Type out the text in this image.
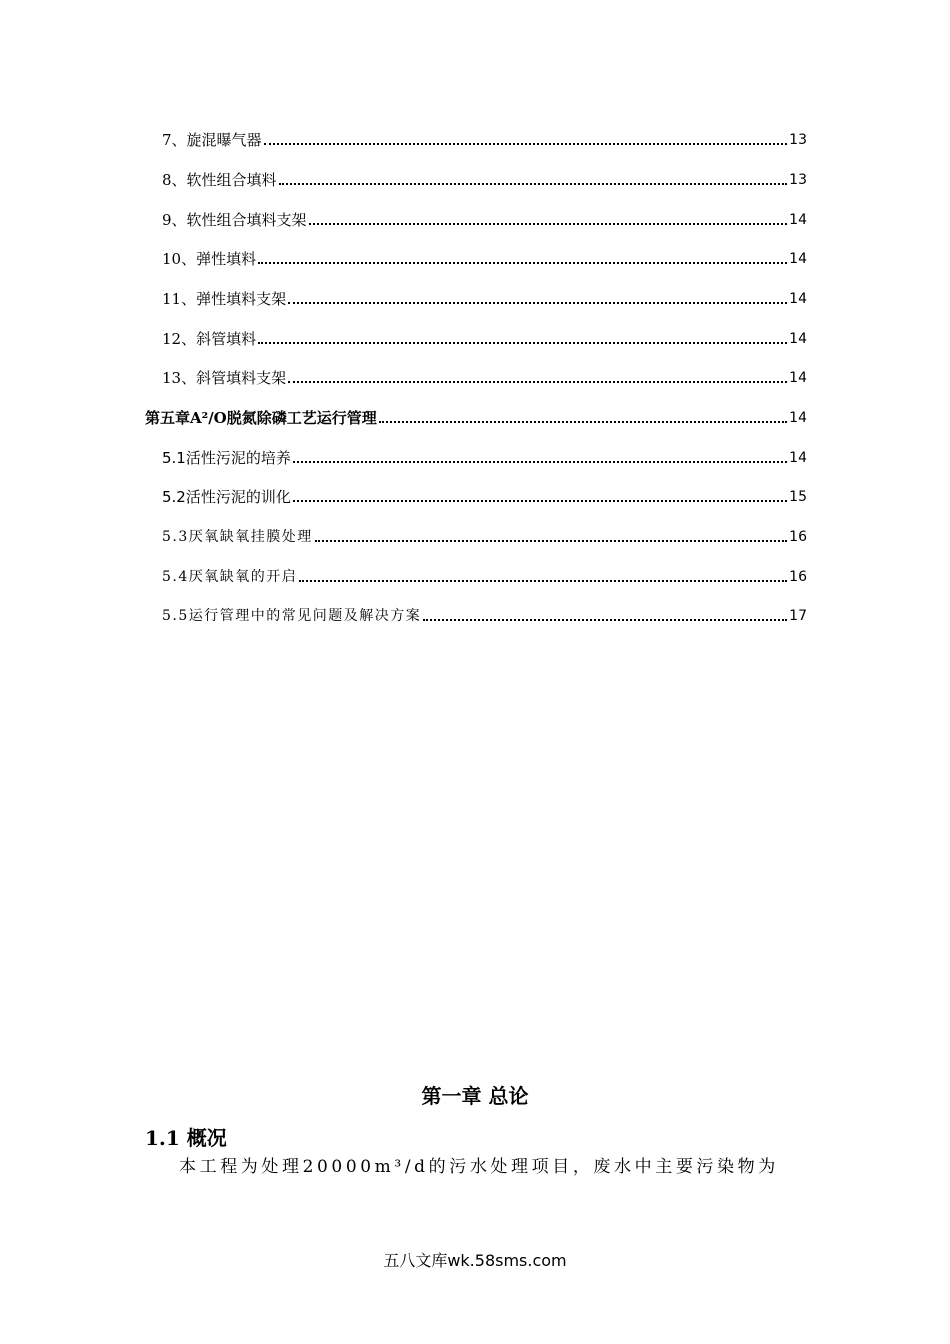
7、旋混曝气器	13
8、软性组合填料	13
9、软性组合填料支架	14
10、弹性填料	14
11、弹性填料支架	14
12、斜管填料	14
13、斜管填料支架	14
第五章A²/O脱氮除磷工艺运行管理	14
5.1活性污泥的培养	14
5.2活性污泥的训化	15
5.3厌氧缺氧挂膜处理	16
5.4厌氧缺氧的开启	16
5.5运行管理中的常见问题及解决方案	17
第一章 总论
1.1 概况
本工程为处理20000m³/d的污水处理项目，废水中主要污染物为
五八文库wk.58sms.com
